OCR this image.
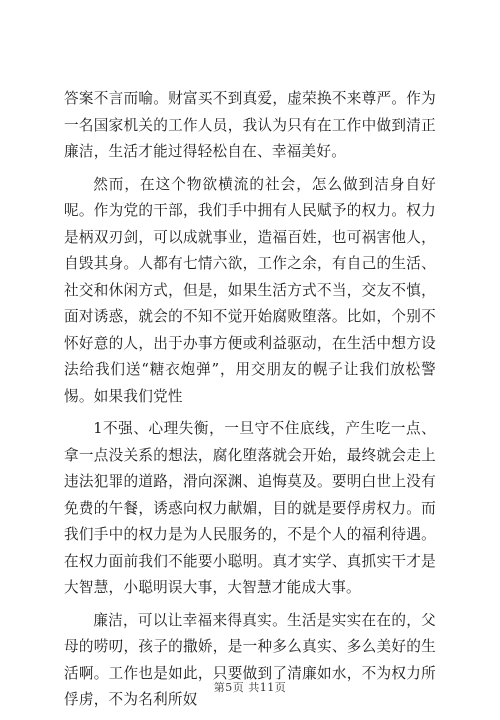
答案不言而喻。财富买不到真爱，虚荣换不来尊严。作为一名国家机关的工作人员，我认为只有在工作中做到清正廉洁，生活才能过得轻松自在、幸福美好。

然而，在这个物欲横流的社会，怎么做到洁身自好呢。作为党的干部，我们手中拥有人民赋予的权力。权力是柄双刃剑，可以成就事业，造福百姓，也可祸害他人，自毁其身。人都有七情六欲，工作之余，有自己的生活、社交和休闲方式，但是，如果生活方式不当，交友不慎，面对诱惑，就会的不知不觉开始腐败堕落。比如，个别不怀好意的人，出于办事方便或利益驱动，在生活中想方设法给我们送“糖衣炮弹”，用交朋友的幌子让我们放松警惕。如果我们党性

1不强、心理失衡，一旦守不住底线，产生吃一点、拿一点没关系的想法，腐化堕落就会开始，最终就会走上违法犯罪的道路，滑向深渊、追悔莫及。要明白世上没有免费的午餐，诱惑向权力献媚，目的就是要俘虏权力。而我们手中的权力是为人民服务的，不是个人的福利待遇。在权力面前我们不能要小聪明。真才实学、真抓实干才是大智慧，小聪明误大事，大智慧才能成大事。

廉洁，可以让幸福来得真实。生活是实实在在的，父母的唠叨，孩子的撒娇，是一种多么真实、多么美好的生活啊。工作也是如此，只要做到了清廉如水，不为权力所俘虏，不为名利所奴

第5页 共11页
